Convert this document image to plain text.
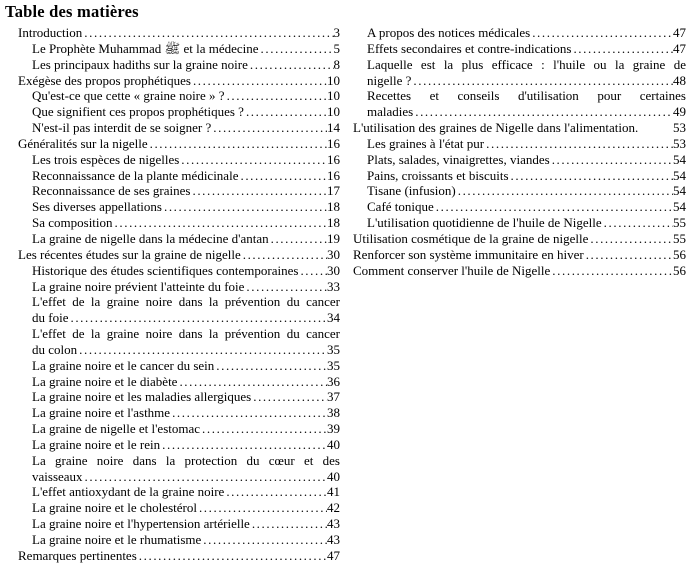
Table des matières
Introduction .....	3
Le Prophète Muhammad ﷺ et la médecine .....	5
Les principaux hadiths sur la graine noire .....	8
Exégèse des propos prophétiques .....	10
Qu'est-ce que cette « graine noire » ? .....	10
Que signifient ces propos prophétiques ? .....	10
N'est-il pas interdit de se soigner ? .....	14
Généralités sur la nigelle .....	16
Les trois espèces de nigelles .....	16
Reconnaissance de la plante médicinale .....	16
Reconnaissance de ses graines .....	17
Ses diverses appellations .....	18
Sa composition .....	18
La graine de nigelle dans la médecine d'antan .....	19
Les récentes études sur la graine de nigelle .....	30
Historique des études scientifiques contemporaines ..... 30
La graine noire prévient l'atteinte du foie .....	33
L'effet de la graine noire dans la prévention du cancer
du foie .....	34
L'effet de la graine noire dans la prévention du cancer
du colon .....	35
La graine noire et le cancer du sein .....	35
La graine noire et le diabète .....	36
La graine noire et les maladies allergiques .....	37
La graine noire et l'asthme .....	38
La graine de nigelle et l'estomac .....	39
La graine noire et le rein .....	40
La graine noire dans la protection du cœur et des
vaisseaux .....	40
L'effet antioxydant de la graine noire .....	41
La graine noire et le cholestérol .....	42
La graine noire et l'hypertension artérielle .....	43
La graine noire et le rhumatisme .....	43
Remarques pertinentes .....	47
A propos des notices médicales .....	47
Effets secondaires et contre-indications .....	47
Laquelle est la plus efficace : l'huile ou la graine de
nigelle ? .....	48
Recettes et conseils d'utilisation pour certaines
maladies .....	49
L'utilisation des graines de Nigelle dans l'alimentation.	53
Les graines à l'état pur .....	53
Plats, salades, vinaigrettes, viandes .....	54
Pains, croissants et biscuits .....	54
Tisane (infusion) .....	54
Café tonique .....	54
L'utilisation quotidienne de l'huile de Nigelle .....	55
Utilisation cosmétique de la graine de nigelle .....	55
Renforcer son système immunitaire en hiver .....	56
Comment conserver l'huile de Nigelle .....	56
